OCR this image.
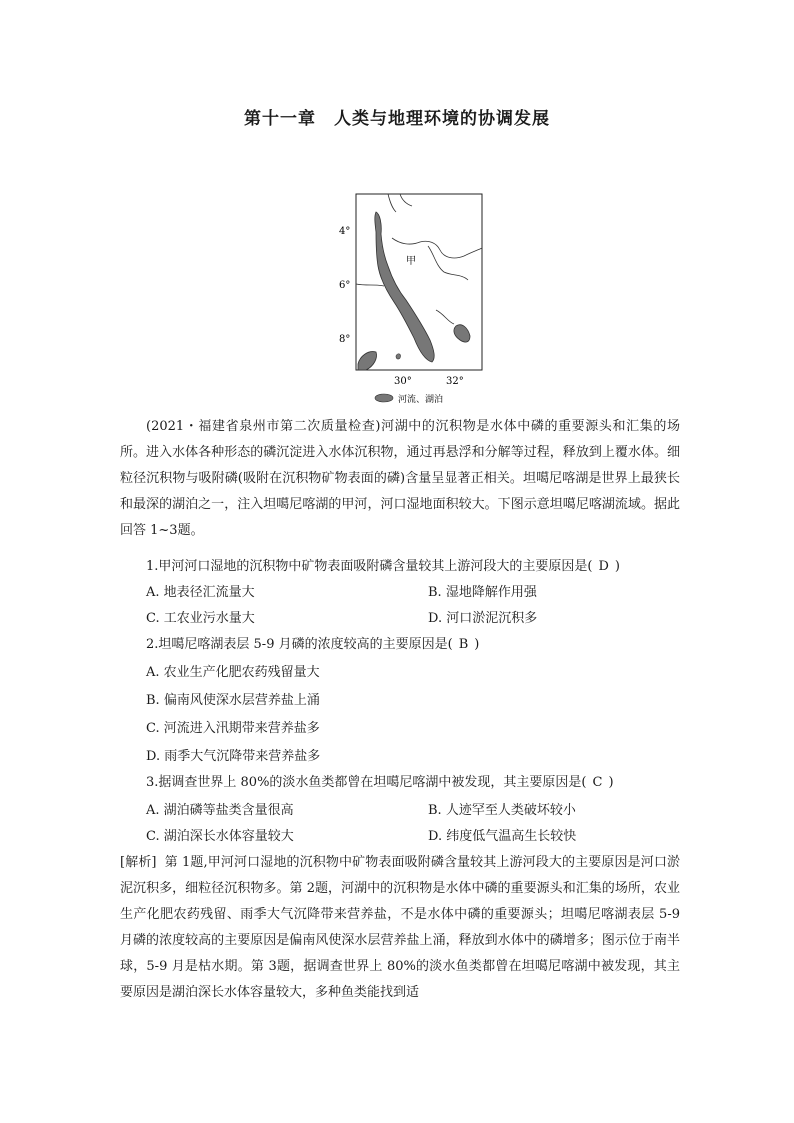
第十一章 人类与地理环境的协调发展
4°
6°
8°
甲
30°	32°
河流、湖泊

(2021・福建省泉州市第二次质量检查)河湖中的沉积物是水体中磷的重要源头和汇集的场所。进入水体各种形态的磷沉淀进入水体沉积物，通过再悬浮和分解等过程，释放到上覆水体。细粒径沉积物与吸附磷(吸附在沉积物矿物表面的磷)含量呈显著正相关。坦噶尼喀湖是世界上最狭长和最深的湖泊之一，注入坦噶尼喀湖的甲河，河口湿地面积较大。下图示意坦噶尼喀湖流域。据此回答 1~3题。

1.甲河河口湿地的沉积物中矿物表面吸附磷含量较其上游河段大的主要原因是( D )
A. 地表径汇流量大	B. 湿地降解作用强
C. 工农业污水量大	D. 河口淤泥沉积多
2.坦噶尼喀湖表层 5-9 月磷的浓度较高的主要原因是( B )
A. 农业生产化肥农药残留量大
B. 偏南风使深水层营养盐上涌
C. 河流进入汛期带来营养盐多
D. 雨季大气沉降带来营养盐多
3.据调查世界上 80%的淡水鱼类都曾在坦噶尼喀湖中被发现，其主要原因是( C )
A. 湖泊磷等盐类含量很高	B. 人迹罕至人类破坏较小
C. 湖泊深长水体容量较大	D. 纬度低气温高生长较快

[解析] 第 1题,甲河河口湿地的沉积物中矿物表面吸附磷含量较其上游河段大的主要原因是河口淤泥沉积多，细粒径沉积物多。第 2题，河湖中的沉积物是水体中磷的重要源头和汇集的场所，农业生产化肥农药残留、雨季大气沉降带来营养盐，不是水体中磷的重要源头；坦噶尼喀湖表层 5-9 月磷的浓度较高的主要原因是偏南风使深水层营养盐上涌，释放到水体中的磷增多；图示位于南半球，5-9 月是枯水期。第 3题，据调查世界上 80%的淡水鱼类都曾在坦噶尼喀湖中被发现，其主要原因是湖泊深长水体容量较大，多种鱼类能找到适
